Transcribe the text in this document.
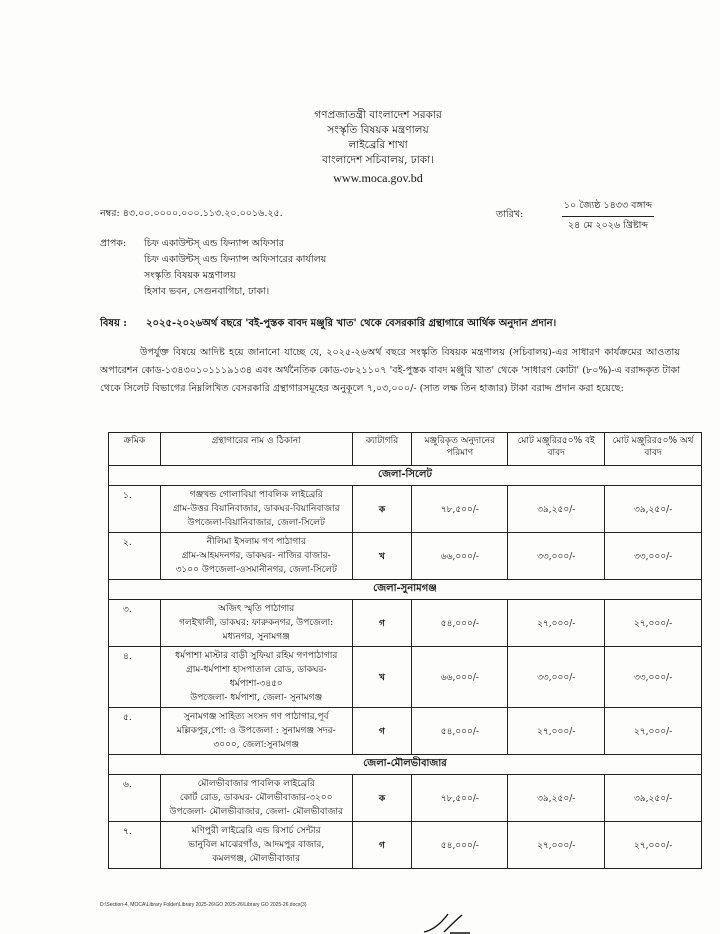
গণপ্রজাতন্ত্রী বাংলাদেশ সরকার
সংস্কৃতি বিষয়ক মন্ত্রণালয়
লাইব্রেরি শাখা
বাংলাদেশ সচিবালয়, ঢাকা।
www.moca.gov.bd
নম্বর: ৪৩.০০.০০০০.০০০.১১৩.২০.০০১৬.২৫.	তারিখ:
১০ জ্যৈষ্ঠ ১৪৩৩ বঙ্গাব্দ
২৪ মে ২০২৬ খ্রিষ্টাব্দ
প্রাপক: চিফ একাউন্টস্ এন্ড ফিন্যান্স অফিসার
চিফ একাউন্টস্ এন্ড ফিন্যান্স অফিসারের কার্যালয়
সংস্কৃতি বিষয়ক মন্ত্রণালয়
হিসাব ভবন, সেগুনবাগিচা, ঢাকা।
বিষয় : ২০২৫-২০২৬অর্থ বছরে 'বই-পুস্তক বাবদ মঞ্জুরি খাত' থেকে বেসরকারি গ্রন্থাগারে আর্থিক অনুদান প্রদান।
উপর্যুক্ত বিষয়ে আদিষ্ট হয়ে জানানো যাচ্ছে যে, ২০২৫-২৬অর্থ বছরে সংস্কৃতি বিষয়ক মন্ত্রণালয় (সচিবালয়)-এর সাধারণ কার্যক্রমের আওতায় অপারেশন কোড-১৩৪৩০১০১১১৯১৩৪ এবং অর্থনৈতিক কোড-৩৮২১১০৭ 'বই-পুস্তক বাবদ মঞ্জুরি খাত' থেকে 'সাধারণ কোটা' (৮০%)-এ বরাদ্দকৃত টাকা থেকে সিলেট বিভাগের নিম্নলিখিত বেসরকারি গ্রন্থাগারসমূহের অনুকূলে ৭,০৩,০০০/- (সাত লক্ষ তিন হাজার) টাকা বরাদ্দ প্রদান করা হয়েছে:
ক্রমিক	গ্রন্থাগারের নাম ও ঠিকানা	ক্যাটাগরি	মঞ্জুরিকৃত অনুদানের পরিমাণ	মোট মঞ্জুরির৫০% বই বাবদ	মোট মঞ্জুরির৫০% অর্থ বাবদ
জেলা-সিলেট					
১.	গঞ্জখন্ড গোলাবিয়া পাবলিক লাইব্রেরি
গ্রাম-উত্তর বিয়ানিবাজার, ডাকঘর-বিয়ানিবাজার
উপজেলা-বিয়ানিবাজার, জেলা-সিলেট	ক	৭৮,৫০০/-	৩৯,২৫০/-	৩৯,২৫০/-
২.	নীলিমা ইসলাম গণ পাঠাগার
গ্রাম-আহমদনগর, ডাকঘর- নাজির বাজার-
৩১০০ উপজেলা-ওসমানীনগর, জেলা-সিলেট	খ	৬৬,০০০/-	৩৩,০০০/-	৩৩,০০০/-
জেলা-সুনামগঞ্জ					
৩.	অজিৎ স্মৃতি পাঠাগার
গলইখালী, ডাকঘর: ফারুকনগর, উপজেলা:
মধ্যনগর, সুনামগঞ্জ	গ	৫৪,০০০/-	২৭,০০০/-	২৭,০০০/-
৪.	ধর্মপাশা মাস্টার বাড়ী সুফিয়া রহিম গণপাঠাগার
গ্রাম-ধর্মপাশা হাসপাতাল রোড, ডাকঘর-
ধর্মপাশা-৩৪৫০
উপজেলা- ধর্মপাশা, জেলা- সুনামগঞ্জ	খ	৬৬,০০০/-	৩৩,০০০/-	৩৩,০০০/-
৫.	সুনামগঞ্জ সাহিত্য সংসদ গণ পাঠাগার,পূর্ব
মল্লিকপুর,পো: ও উপজেলা : সুনামগঞ্জ সদর-
৩০০০, জেলা:সুনামগঞ্জ	গ	৫৪,০০০/-	২৭,০০০/-	২৭,০০০/-
জেলা-মৌলভীবাজার					
৬.	মৌলভীবাজার পাবলিক লাইব্রেরি
কোর্ট রোড, ডাকঘর- মৌলভীবাজার-৩২০০
উপজেলা- মৌলভীবাজার, জেলা- মৌলভীবাজার	ক	৭৮,৫০০/-	৩৯,২৫০/-	৩৯,২৫০/-
৭.	মণিপুরী লাইব্রেরি এন্ড রিসার্চ সেন্টার
ভানুবিল মাঝেরগাঁও, আদমপুর বাজার,
কমলগঞ্জ, মৌলভীবাজার	গ	৫৪,০০০/-	২৭,০০০/-	২৭,০০০/-
D:\Section-4, MOCA\Library Folder\Library 2025-26\GO 2025-26\Library GO 2025-26.docx(3)
